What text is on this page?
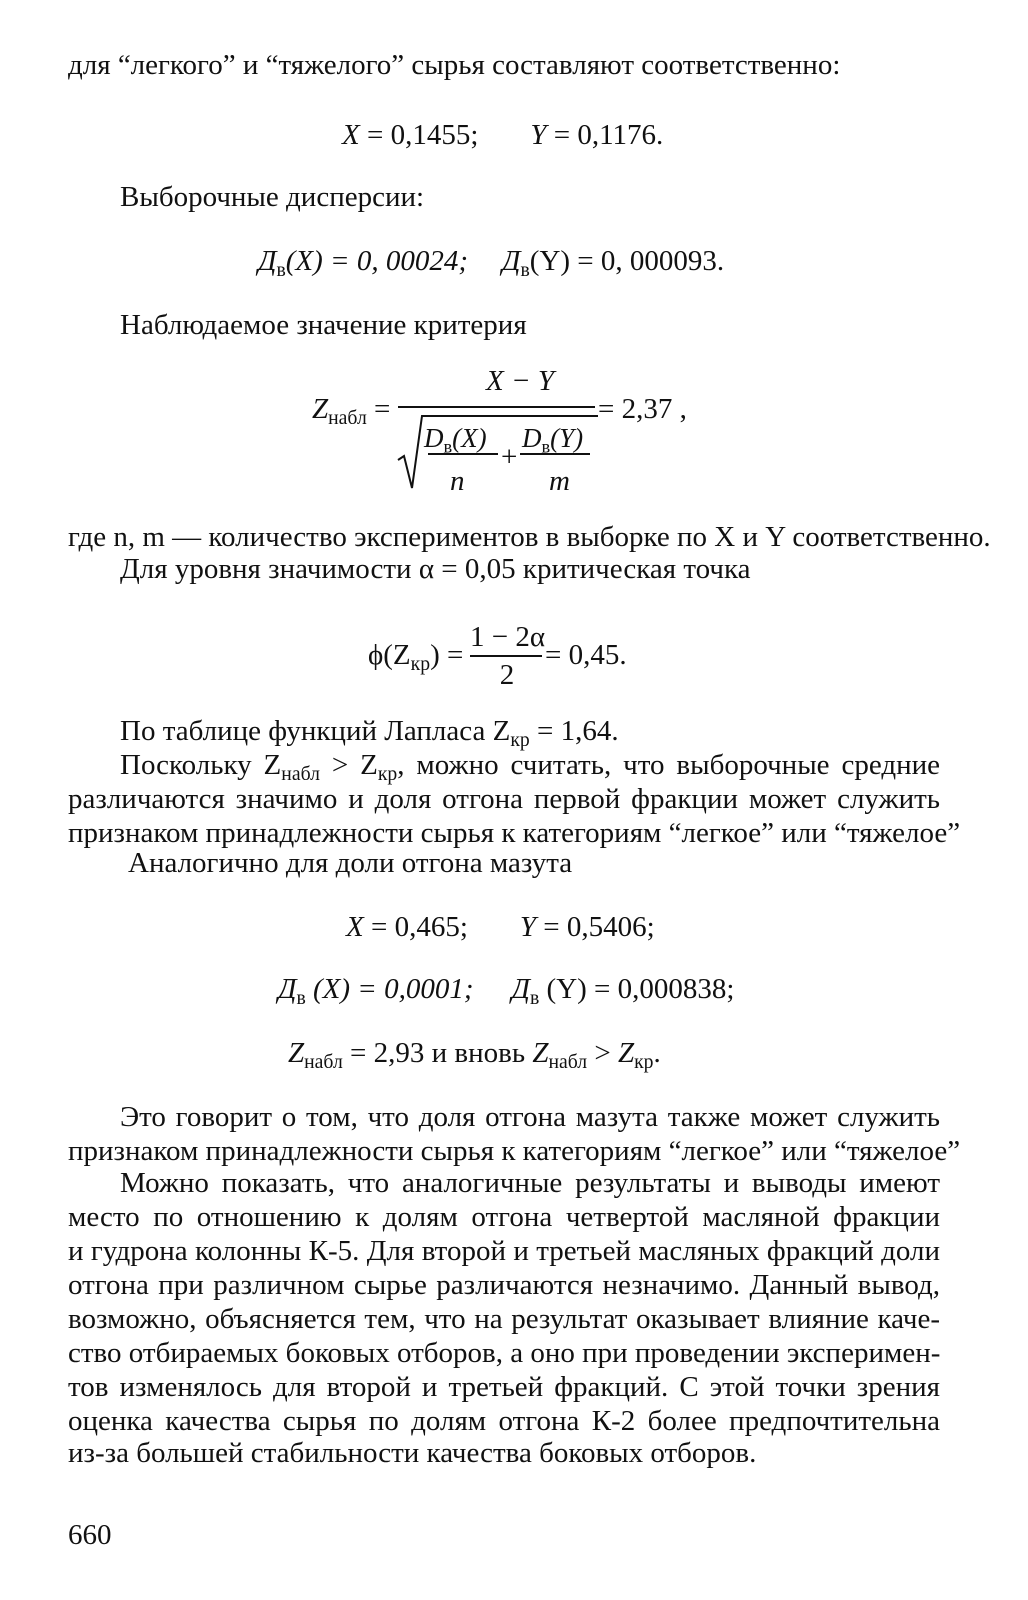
для “легкого” и “тяжелого” сырья составляют соответственно:
X = 0,1455; Y = 0,1176.
Выборочные дисперсии:
$Д_в(X) = 0$, 00024; $Д_в(Y) = 0$, 000093.
Наблюдаемое значение критерия
$Z_{набл}$ =
X − Y
$D_в(X)$
+
$D_в(Y)$
n	m
= 2,37 ,
где n, m — количество экспериментов в выборке по X и Y соответственно.
Для уровня значимости α = 0,05 критическая точка
$\phi(Z_{кр})$ =
1 − 2α
2
= 0,45.
По таблице функций Лапласа $Z_{кр} = 1,64$.
Поскольку $Z_{набл} > Z_{кр}$, можно считать, что выборочные средние
различаются значимо и доля отгона первой фракции может служить
признаком принадлежности сырья к категориям “легкое” или “тяжелое”
Аналогично для доли отгона мазута
X = 0,465; Y = 0,5406;
$Д_в$ (X) = 0,0001; $Д_в$ (Y) = 0,000838;
$Z_{набл} = 2,93$ и вновь $Z_{набл} > Z_{кр}$.
Это говорит о том, что доля отгона мазута также может служить
признаком принадлежности сырья к категориям “легкое” или “тяжелое”
Можно показать, что аналогичные результаты и выводы имеют
место по отношению к долям отгона четвертой масляной фракции
и гудрона колонны К-5. Для второй и третьей масляных фракций доли
отгона при различном сырье различаются незначимо. Данный вывод,
возможно, объясняется тем, что на результат оказывает влияние каче-
ство отбираемых боковых отборов, а оно при проведении эксперимен-
тов изменялось для второй и третьей фракций. С этой точки зрения
оценка качества сырья по долям отгона К-2 более предпочтительна
из-за большей стабильности качества боковых отборов.
660
